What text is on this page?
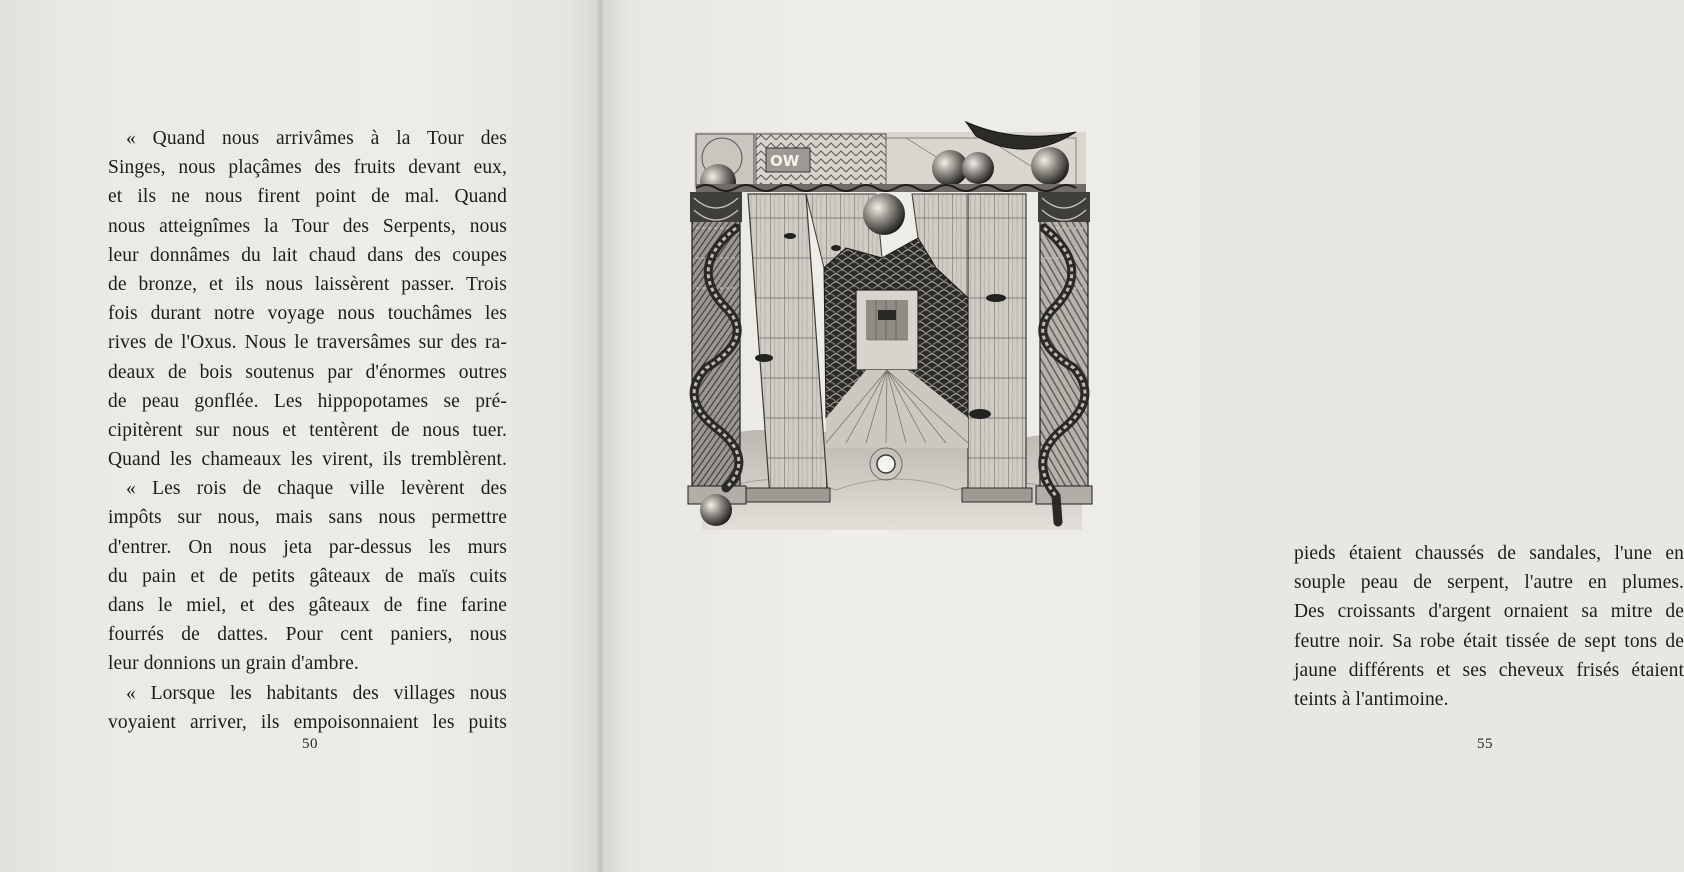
« Quand nous arrivâmes à la Tour des
Singes, nous plaçâmes des fruits devant eux,
et ils ne nous firent point de mal. Quand
nous atteignîmes la Tour des Serpents, nous
leur donnâmes du lait chaud dans des coupes
de bronze, et ils nous laissèrent passer. Trois
fois durant notre voyage nous touchâmes les
rives de l'Oxus. Nous le traversâmes sur des ra-
deaux de bois soutenus par d'énormes outres
de peau gonflée. Les hippopotames se pré-
cipitèrent sur nous et tentèrent de nous tuer.
Quand les chameaux les virent, ils tremblèrent.
« Les rois de chaque ville levèrent des
impôts sur nous, mais sans nous permettre
d'entrer. On nous jeta par-dessus les murs
du pain et de petits gâteaux de maïs cuits
dans le miel, et des gâteaux de fine farine
fourrés de dattes. Pour cent paniers, nous
leur donnions un grain d'ambre.
« Lorsque les habitants des villages nous
voyaient arriver, ils empoisonnaient les puits
50
pieds étaient chaussés de sandales, l'une en
souple peau de serpent, l'autre en plumes.
Des croissants d'argent ornaient sa mitre de
feutre noir. Sa robe était tissée de sept tons de
jaune différents et ses cheveux frisés étaient
teints à l'antimoine.
55
OW
